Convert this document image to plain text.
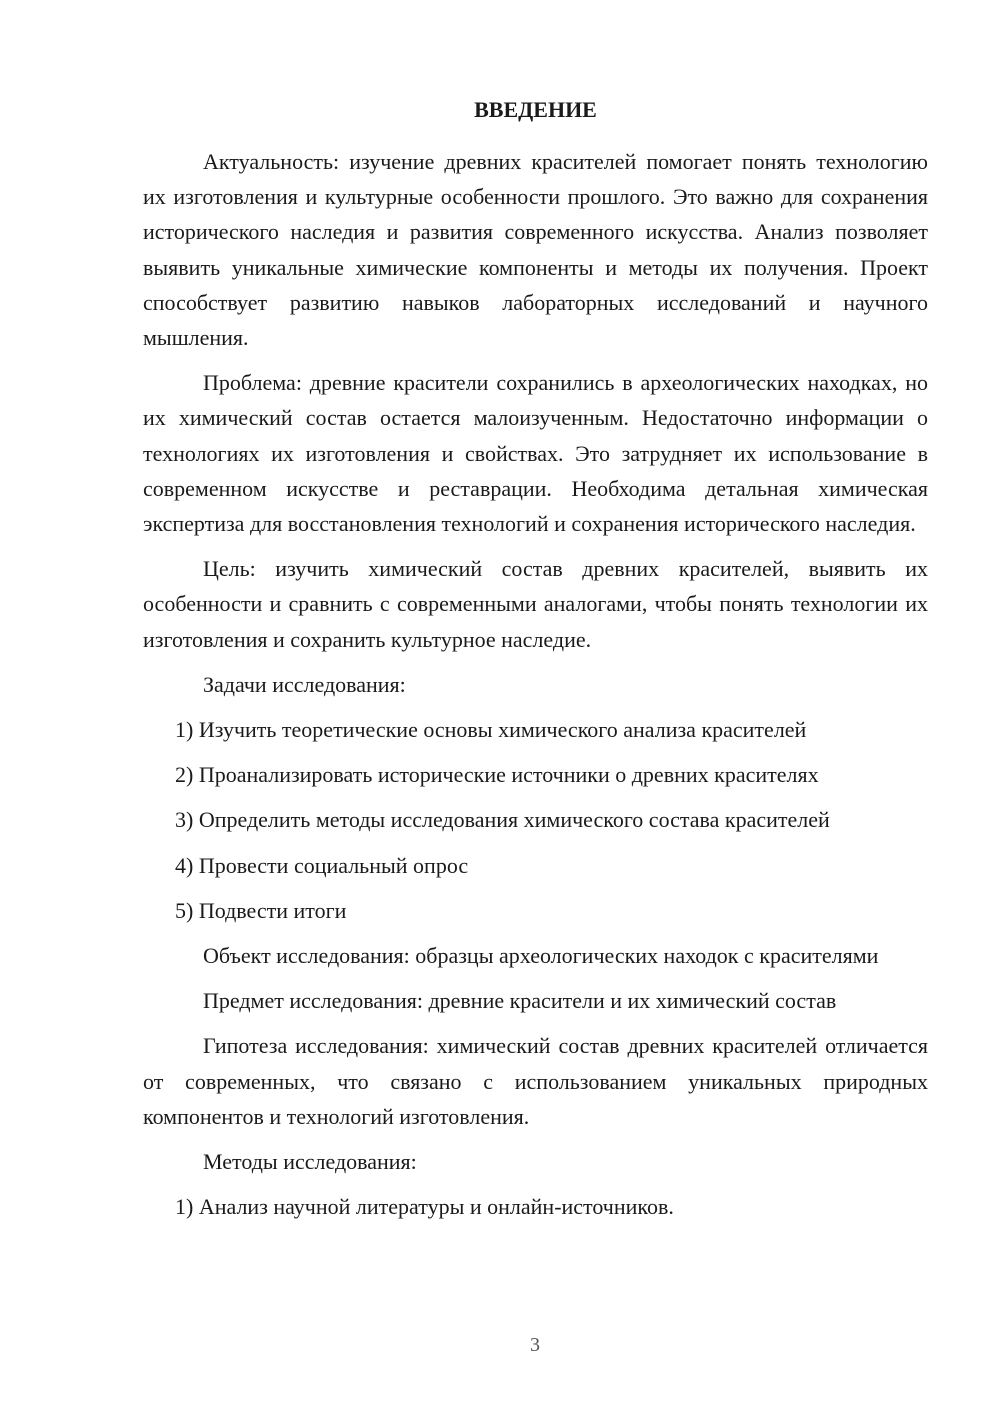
ВВЕДЕНИЕ

Актуальность: изучение древних красителей помогает понять технологию их изготовления и культурные особенности прошлого. Это важно для сохранения исторического наследия и развития современного искусства. Анализ позволяет выявить уникальные химические компоненты и методы их получения. Проект способствует развитию навыков лабораторных исследований и научного мышления.

Проблема: древние красители сохранились в археологических находках, но их химический состав остается малоизученным. Недостаточно информации о технологиях их изготовления и свойствах. Это затрудняет их использование в современном искусстве и реставрации. Необходима детальная химическая экспертиза для восстановления технологий и сохранения исторического наследия.

Цель: изучить химический состав древних красителей, выявить их особенности и сравнить с современными аналогами, чтобы понять технологии их изготовления и сохранить культурное наследие.

Задачи исследования:

1) Изучить теоретические основы химического анализа красителей

2) Проанализировать исторические источники о древних красителях

3) Определить методы исследования химического состава красителей

4) Провести социальный опрос

5) Подвести итоги

Объект исследования: образцы археологических находок с красителями

Предмет исследования: древние красители и их химический состав

Гипотеза исследования: химический состав древних красителей отличается от современных, что связано с использованием уникальных природных компонентов и технологий изготовления.

Методы исследования:

1) Анализ научной литературы и онлайн-источников.

3
